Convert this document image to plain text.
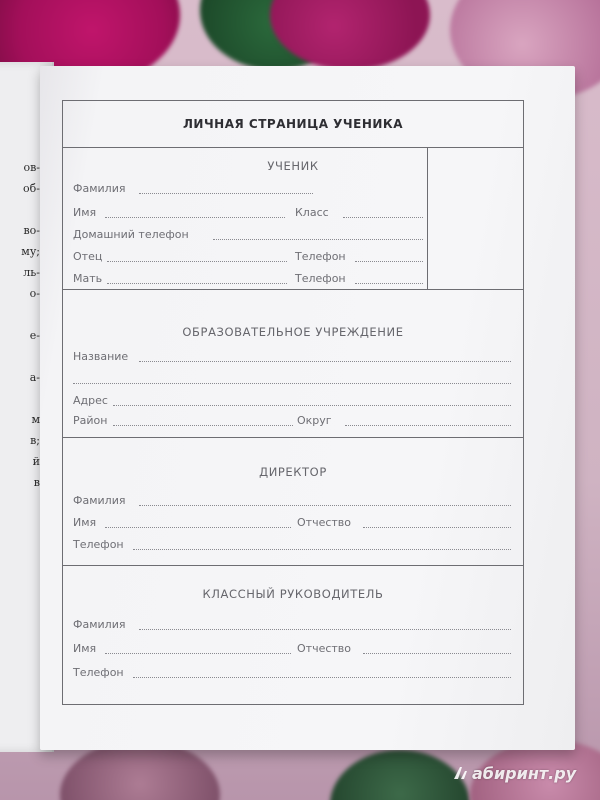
ов-
об-

во-
му;
ль-
о-

е-

а-

м
в;
й
в
ЛИЧНАЯ СТРАНИЦА УЧЕНИКА
УЧЕНИК
Фамилия
Имя	Класс
Домашний телефон
Отец	Телефон
Мать	Телефон
ОБРАЗОВАТЕЛЬНОЕ УЧРЕЖДЕНИЕ
Название
Адрес
Район	Округ
ДИРЕКТОР
Фамилия
Имя	Отчество
Телефон
КЛАССНЫЙ РУКОВОДИТЕЛЬ
Фамилия
Имя	Отчество
Телефон
абиринт.ру
